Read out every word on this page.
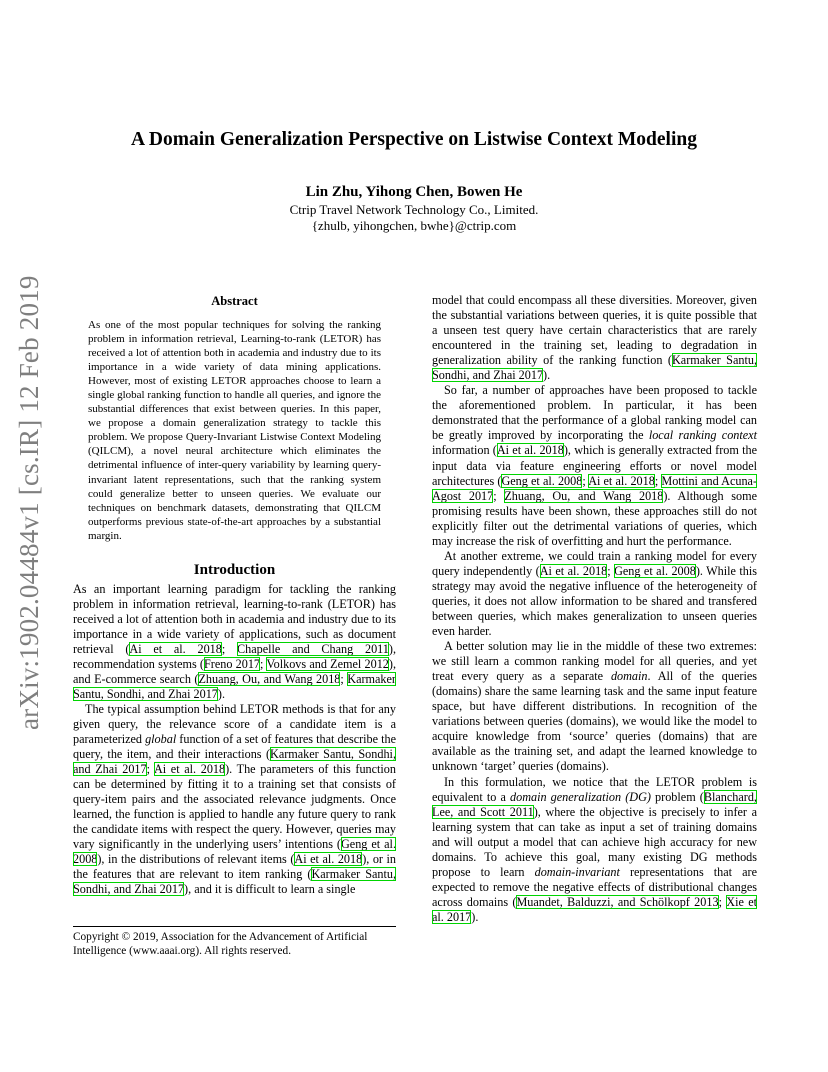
arXiv:1902.04484v1 [cs.IR] 12 Feb 2019
A Domain Generalization Perspective on Listwise Context Modeling
Lin Zhu, Yihong Chen, Bowen He
Ctrip Travel Network Technology Co., Limited.
{zhulb, yihongchen, bwhe}@ctrip.com
Abstract
As one of the most popular techniques for solving the ranking problem in information retrieval, Learning-to-rank (LETOR) has received a lot of attention both in academia and industry due to its importance in a wide variety of data mining applications. However, most of existing LETOR approaches choose to learn a single global ranking function to handle all queries, and ignore the substantial differences that exist between queries. In this paper, we propose a domain generalization strategy to tackle this problem. We propose Query-Invariant Listwise Context Modeling (QILCM), a novel neural architecture which eliminates the detrimental influence of inter-query variability by learning query-invariant latent representations, such that the ranking system could generalize better to unseen queries. We evaluate our techniques on benchmark datasets, demonstrating that QILCM outperforms previous state-of-the-art approaches by a substantial margin.
Introduction

As an important learning paradigm for tackling the ranking problem in information retrieval, learning-to-rank (LETOR) has received a lot of attention both in academia and industry due to its importance in a wide variety of applications, such as document retrieval (Ai et al. 2018; Chapelle and Chang 2011), recommendation systems (Freno 2017; Volkovs and Zemel 2012), and E-commerce search (Zhuang, Ou, and Wang 2018; Karmaker Santu, Sondhi, and Zhai 2017).

The typical assumption behind LETOR methods is that for any given query, the relevance score of a candidate item is a parameterized global function of a set of features that describe the query, the item, and their interactions (Karmaker Santu, Sondhi, and Zhai 2017; Ai et al. 2018). The parameters of this function can be determined by fitting it to a training set that consists of query-item pairs and the associated relevance judgments. Once learned, the function is applied to handle any future query to rank the candidate items with respect the query. However, queries may vary significantly in the underlying users’ intentions (Geng et al. 2008), in the distributions of relevant items (Ai et al. 2018), or in the features that are relevant to item ranking (Karmaker Santu, Sondhi, and Zhai 2017), and it is difficult to learn a single

Copyright © 2019, Association for the Advancement of Artificial Intelligence (www.aaai.org). All rights reserved.

model that could encompass all these diversities. Moreover, given the substantial variations between queries, it is quite possible that a unseen test query have certain characteristics that are rarely encountered in the training set, leading to degradation in generalization ability of the ranking function (Karmaker Santu, Sondhi, and Zhai 2017).

So far, a number of approaches have been proposed to tackle the aforementioned problem. In particular, it has been demonstrated that the performance of a global ranking model can be greatly improved by incorporating the local ranking context information (Ai et al. 2018), which is generally extracted from the input data via feature engineering efforts or novel model architectures (Geng et al. 2008; Ai et al. 2018; Mottini and Acuna-Agost 2017; Zhuang, Ou, and Wang 2018). Although some promising results have been shown, these approaches still do not explicitly filter out the detrimental variations of queries, which may increase the risk of overfitting and hurt the performance.

At another extreme, we could train a ranking model for every query independently (Ai et al. 2018; Geng et al. 2008). While this strategy may avoid the negative influence of the heterogeneity of queries, it does not allow information to be shared and transfered between queries, which makes generalization to unseen queries even harder.

A better solution may lie in the middle of these two extremes: we still learn a common ranking model for all queries, and yet treat every query as a separate domain. All of the queries (domains) share the same learning task and the same input feature space, but have different distributions. In recognition of the variations between queries (domains), we would like the model to acquire knowledge from ‘source’ queries (domains) that are available as the training set, and adapt the learned knowledge to unknown ‘target’ queries (domains).

In this formulation, we notice that the LETOR problem is equivalent to a domain generalization (DG) problem (Blanchard, Lee, and Scott 2011), where the objective is precisely to infer a learning system that can take as input a set of training domains and will output a model that can achieve high accuracy for new domains. To achieve this goal, many existing DG methods propose to learn domain-invariant representations that are expected to remove the negative effects of distributional changes across domains (Muandet, Balduzzi, and Schölkopf 2013; Xie et al. 2017).
